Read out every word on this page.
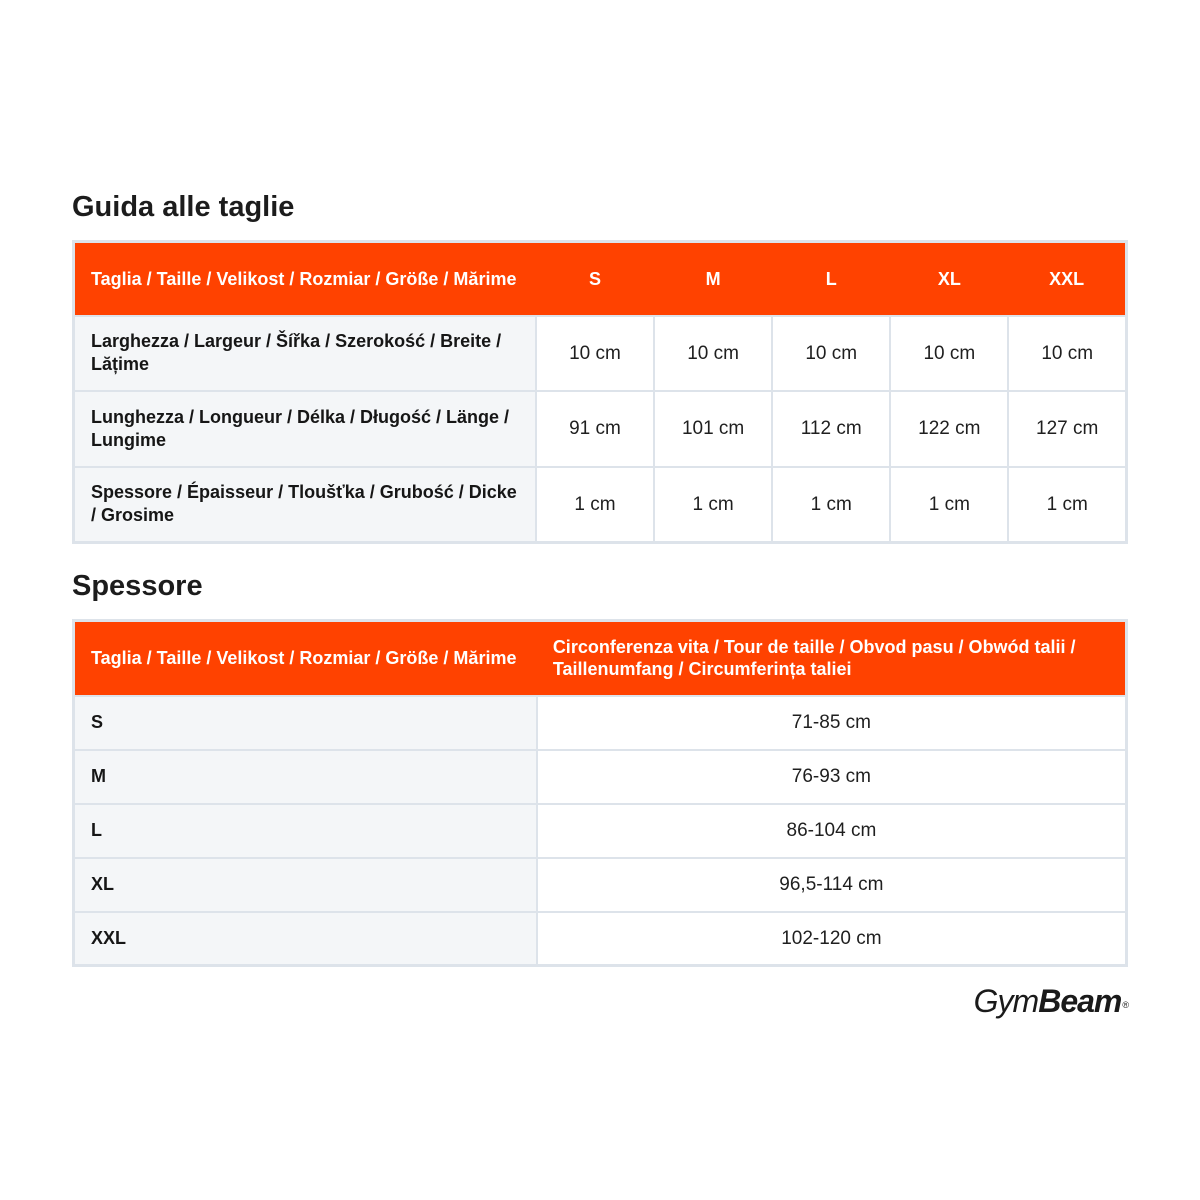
Guida alle taglie
Taglia / Taille / Velikost / Rozmiar / Größe / Mărime	S	M	L	XL	XXL
Larghezza / Largeur / Šířka / Szerokość / Breite / Lățime	10 cm	10 cm	10 cm	10 cm	10 cm
Lunghezza / Longueur / Délka / Długość / Länge / Lungime	91 cm	101 cm	112 cm	122 cm	127 cm
Spessore / Épaisseur / Tloušťka / Grubość / Dicke / Grosime	1 cm	1 cm	1 cm	1 cm	1 cm
Spessore
Taglia / Taille / Velikost / Rozmiar / Größe / Mărime	Circonferenza vita / Tour de taille / Obvod pasu / Obwód talii / Taillenumfang / Circumferința taliei
S	71-85 cm
M	76-93 cm
L	86-104 cm
XL	96,5-114 cm
XXL	102-120 cm
GymBeam®
